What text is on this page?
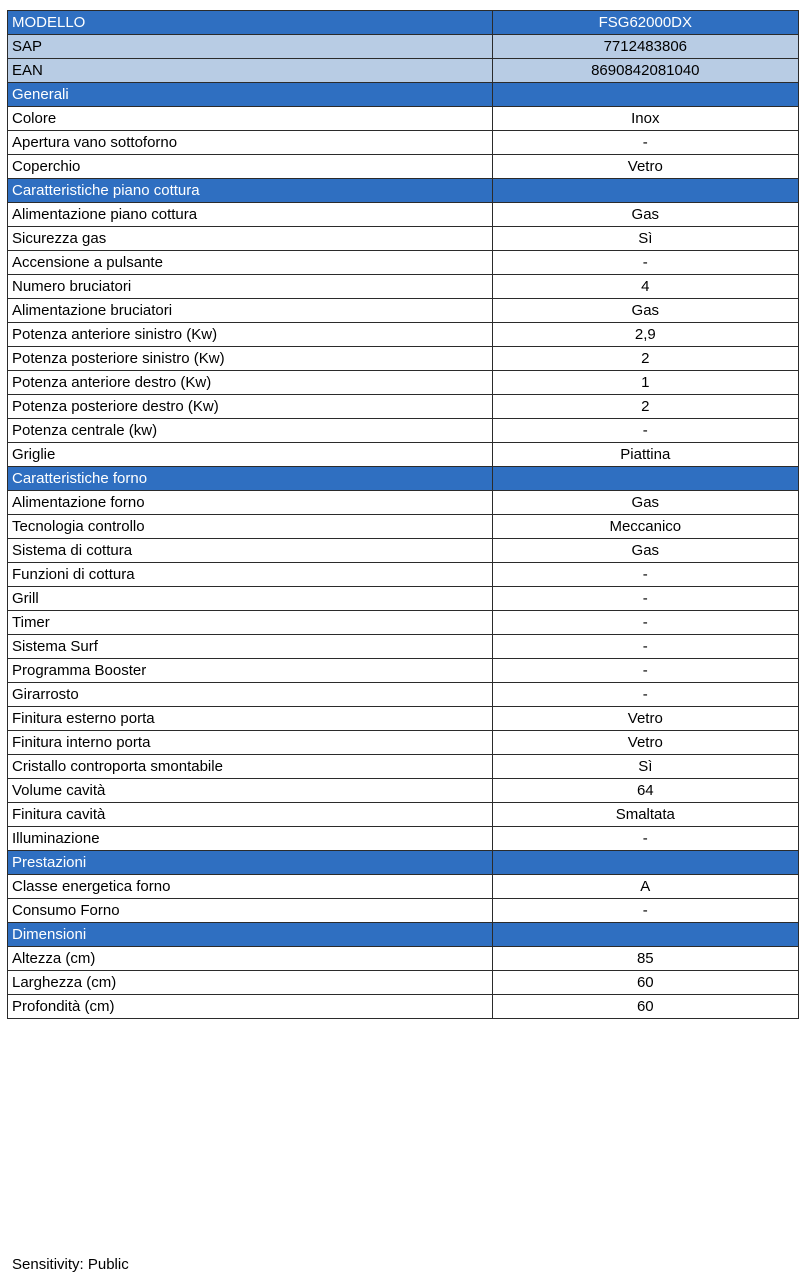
MODELLO	FSG62000DX
SAP	7712483806
EAN	8690842081040
Generali	
Colore	Inox
Apertura vano sottoforno	-
Coperchio	Vetro
Caratteristiche piano cottura	
Alimentazione piano cottura	Gas
Sicurezza gas	Sì
Accensione a pulsante	-
Numero bruciatori	4
Alimentazione bruciatori	Gas
Potenza anteriore sinistro (Kw)	2,9
Potenza posteriore sinistro (Kw)	2
Potenza anteriore destro (Kw)	1
Potenza posteriore destro (Kw)	2
Potenza centrale (kw)	-
Griglie	Piattina
Caratteristiche forno	
Alimentazione forno	Gas
Tecnologia controllo	Meccanico
Sistema di cottura	Gas
Funzioni di cottura	-
Grill	-
Timer	-
Sistema Surf	-
Programma Booster	-
Girarrosto	-
Finitura esterno porta	Vetro
Finitura interno porta	Vetro
Cristallo controporta smontabile	Sì
Volume cavità	64
Finitura cavità	Smaltata
Illuminazione	-
Prestazioni	
Classe energetica forno	A
Consumo Forno	-
Dimensioni	
Altezza (cm)	85
Larghezza (cm)	60
Profondità (cm)	60
Sensitivity: Public
